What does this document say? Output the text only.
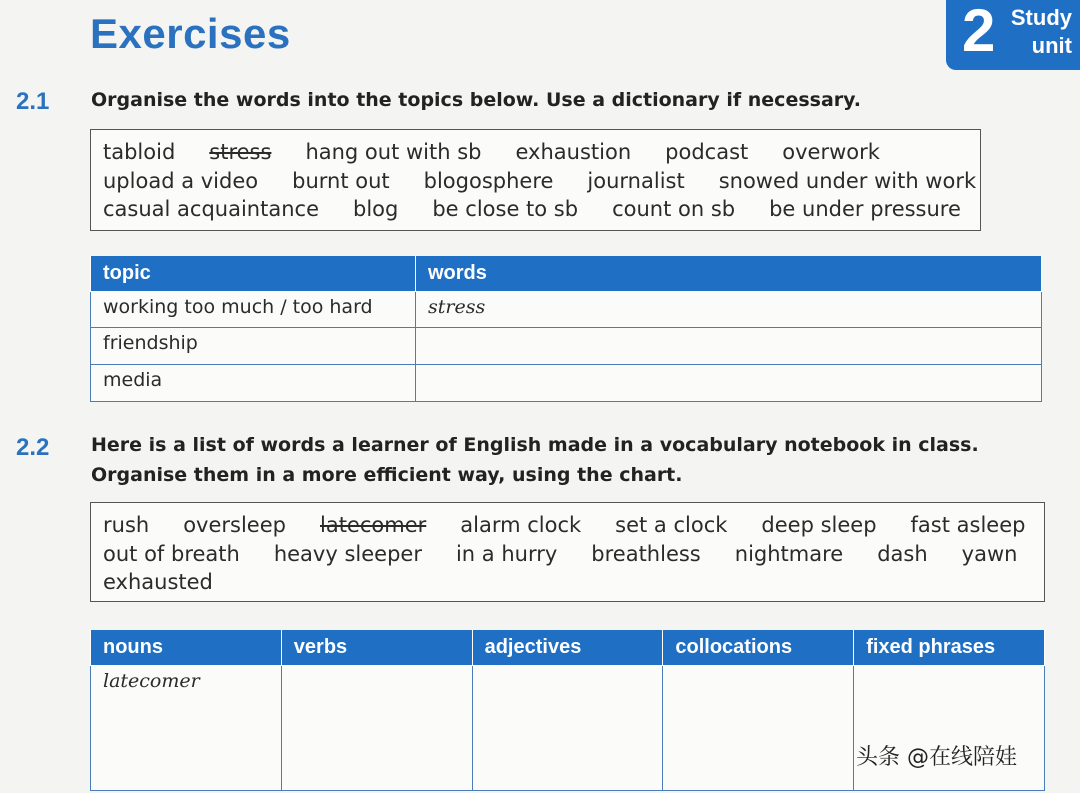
Exercises	2 Study
unit
2.1 Organise the words into the topics below. Use a dictionary if necessary.
tabloid stress hang out with sb exhaustion podcast overwork
upload a video burnt out blogosphere journalist snowed under with work
casual acquaintance blog be close to sb count on sb be under pressure
topic	words
working too much / too hard	stress
friendship	
media	
2.2 Here is a list of words a learner of English made in a vocabulary notebook in class.
Organise them in a more efficient way, using the chart.
rush oversleep latecomer alarm clock set a clock deep sleep fast asleep
out of breath heavy sleeper in a hurry breathless nightmare dash yawn
exhausted
nouns	verbs	adjectives	collocations	fixed phrases
latecomer				
头条 @在线陪娃
